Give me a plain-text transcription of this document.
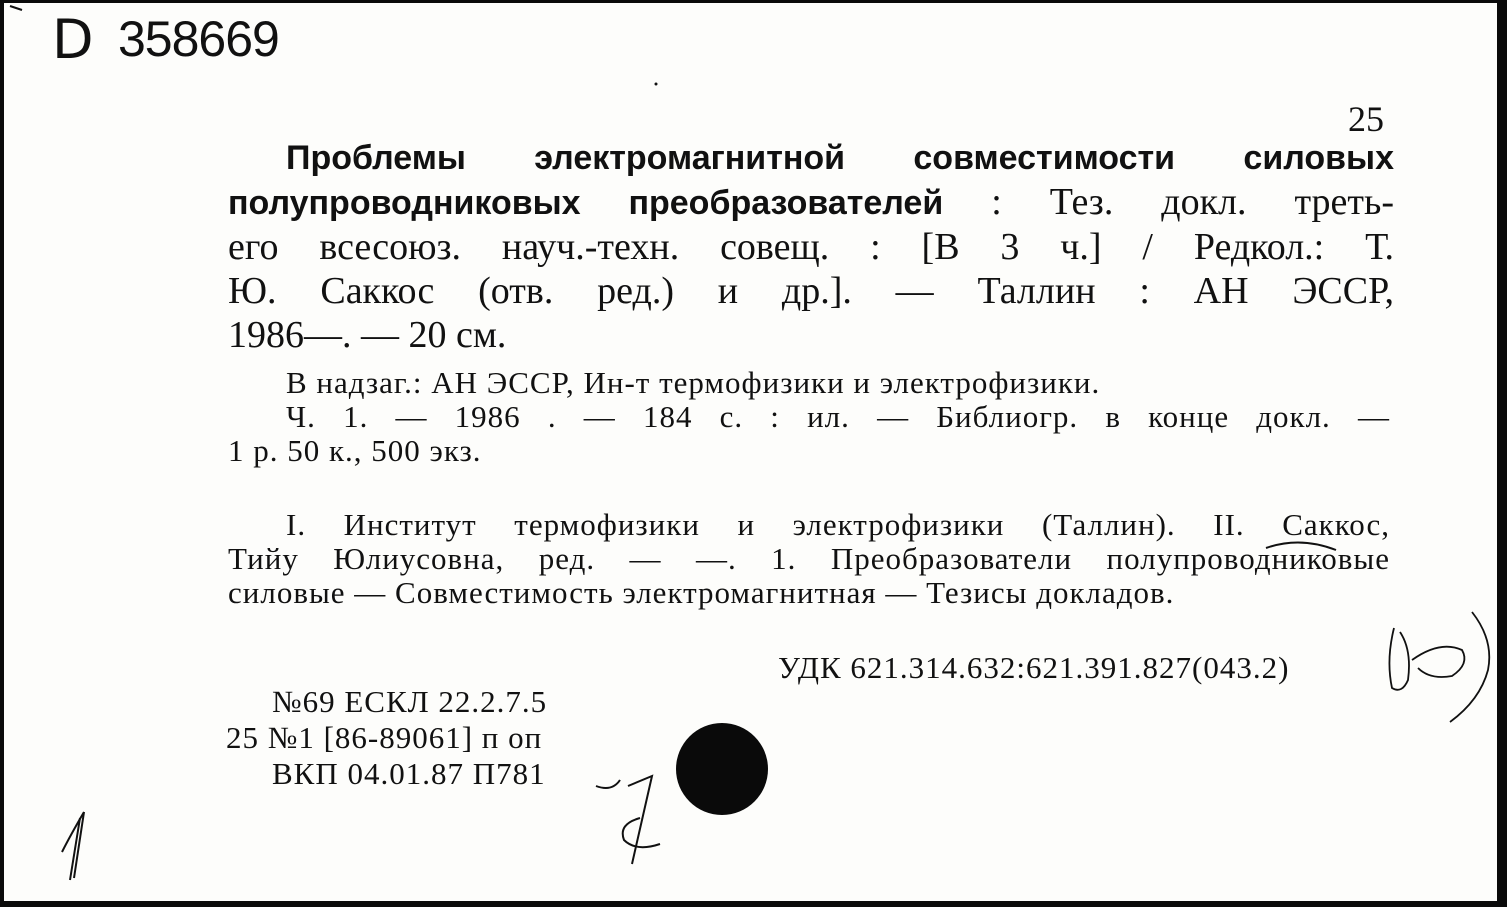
D 358669
25
Проблемы электромагнитной совместимости силовых
полупроводниковых преобразователей : Тез. докл. треть-
его всесоюз. науч.-техн. совещ. : [В 3 ч.] / Редкол.: Т.
Ю. Саккос (отв. ред.) и др.]. — Таллин : АН ЭССР,
1986—. — 20 см.
В надзаг.: АН ЭССР, Ин-т термофизики и электрофизики.
Ч. 1. — 1986 . — 184 с. : ил. — Библиогр. в конце докл. —
1 р. 50 к., 500 экз.
I. Институт термофизики и электрофизики (Таллин). II. Саккос,
Тийу Юлиусовна, ред. — —. 1. Преобразователи полупроводниковые
силовые — Совместимость электромагнитная — Тезисы докладов.
УДК 621.314.632:621.391.827(043.2)
№69 ЕСКЛ 22.2.7.5
25 №1 [86-89061] п оп
ВКП 04.01.87 П781
